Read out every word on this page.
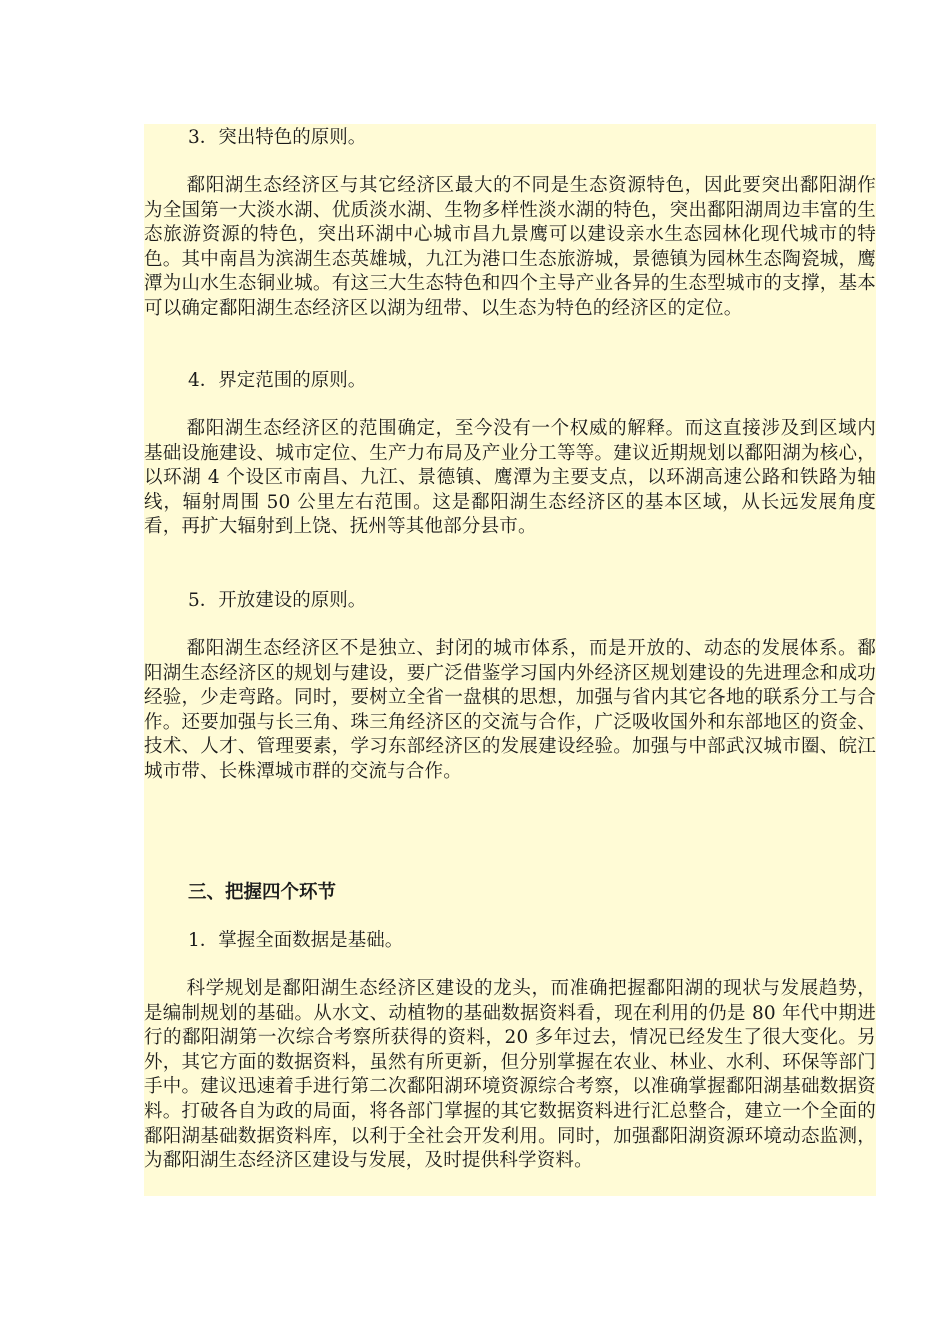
3．突出特色的原则。

鄱阳湖生态经济区与其它经济区最大的不同是生态资源特色，因此要突出鄱阳湖作为全国第一大淡水湖、优质淡水湖、生物多样性淡水湖的特色，突出鄱阳湖周边丰富的生态旅游资源的特色，突出环湖中心城市昌九景鹰可以建设亲水生态园林化现代城市的特色。其中南昌为滨湖生态英雄城，九江为港口生态旅游城，景德镇为园林生态陶瓷城，鹰潭为山水生态铜业城。有这三大生态特色和四个主导产业各异的生态型城市的支撑，基本可以确定鄱阳湖生态经济区以湖为纽带、以生态为特色的经济区的定位。

4．界定范围的原则。

鄱阳湖生态经济区的范围确定，至今没有一个权威的解释。而这直接涉及到区域内基础设施建设、城市定位、生产力布局及产业分工等等。建议近期规划以鄱阳湖为核心，以环湖 4 个设区市南昌、九江、景德镇、鹰潭为主要支点，以环湖高速公路和铁路为轴线，辐射周围 50 公里左右范围。这是鄱阳湖生态经济区的基本区域，从长远发展角度看，再扩大辐射到上饶、抚州等其他部分县市。

5．开放建设的原则。

鄱阳湖生态经济区不是独立、封闭的城市体系，而是开放的、动态的发展体系。鄱阳湖生态经济区的规划与建设，要广泛借鉴学习国内外经济区规划建设的先进理念和成功经验，少走弯路。同时，要树立全省一盘棋的思想，加强与省内其它各地的联系分工与合作。还要加强与长三角、珠三角经济区的交流与合作，广泛吸收国外和东部地区的资金、技术、人才、管理要素，学习东部经济区的发展建设经验。加强与中部武汉城市圈、皖江城市带、长株潭城市群的交流与合作。

三、把握四个环节

1．掌握全面数据是基础。

科学规划是鄱阳湖生态经济区建设的龙头，而准确把握鄱阳湖的现状与发展趋势，是编制规划的基础。从水文、动植物的基础数据资料看，现在利用的仍是 80 年代中期进行的鄱阳湖第一次综合考察所获得的资料，20 多年过去，情况已经发生了很大变化。另外，其它方面的数据资料，虽然有所更新，但分别掌握在农业、林业、水利、环保等部门手中。建议迅速着手进行第二次鄱阳湖环境资源综合考察，以准确掌握鄱阳湖基础数据资料。打破各自为政的局面，将各部门掌握的其它数据资料进行汇总整合，建立一个全面的鄱阳湖基础数据资料库，以利于全社会开发利用。同时，加强鄱阳湖资源环境动态监测，为鄱阳湖生态经济区建设与发展，及时提供科学资料。
